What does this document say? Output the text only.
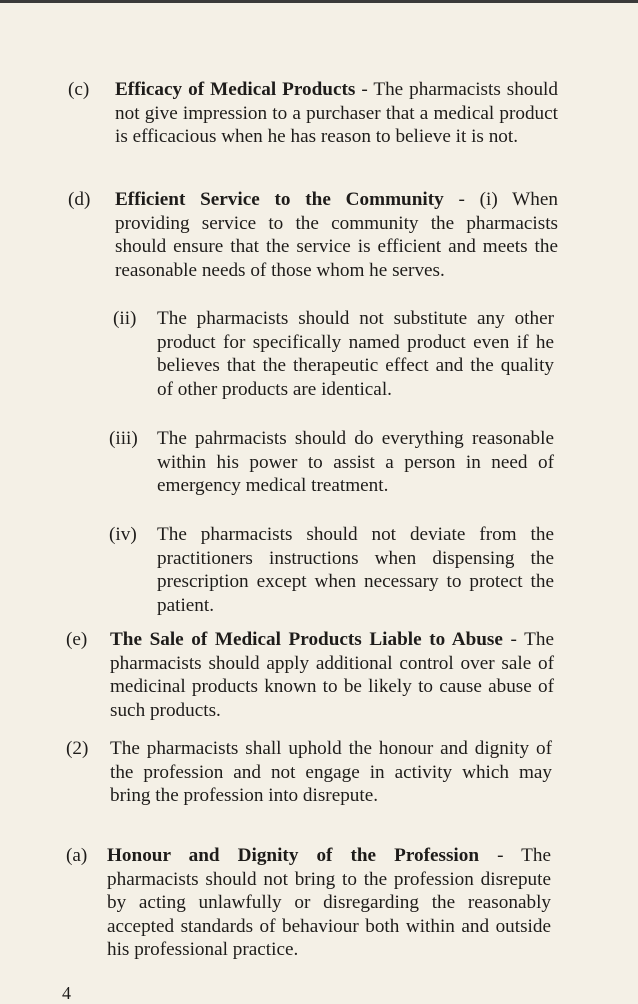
(c) Efficacy of Medical Products - The pharmacists should not give impression to a purchaser that a medical product is efficacious when he has reason to believe it is not.
(d) Efficient Service to the Community - (i) When providing service to the community the pharmacists should ensure that the service is efficient and meets the reasonable needs of those whom he serves.
(ii) The pharmacists should not substitute any other product for specifically named product even if he believes that the therapeutic effect and the quality of other products are identical.
(iii) The pahrmacists should do everything reasonable within his power to assist a person in need of emergency medical treatment.
(iv) The pharmacists should not deviate from the practitioners instructions when dispensing the prescription except when necessary to protect the patient.
(e) The Sale of Medical Products Liable to Abuse - The pharmacists should apply additional control over sale of medicinal products known to be likely to cause abuse of such products.
(2) The pharmacists shall uphold the honour and dignity of the profession and not engage in activity which may bring the profession into disrepute.
(a) Honour and Dignity of the Profession - The pharmacists should not bring to the profession disrepute by acting unlawfully or disregarding the reasonably accepted standards of behaviour both within and outside his professional practice.
4
